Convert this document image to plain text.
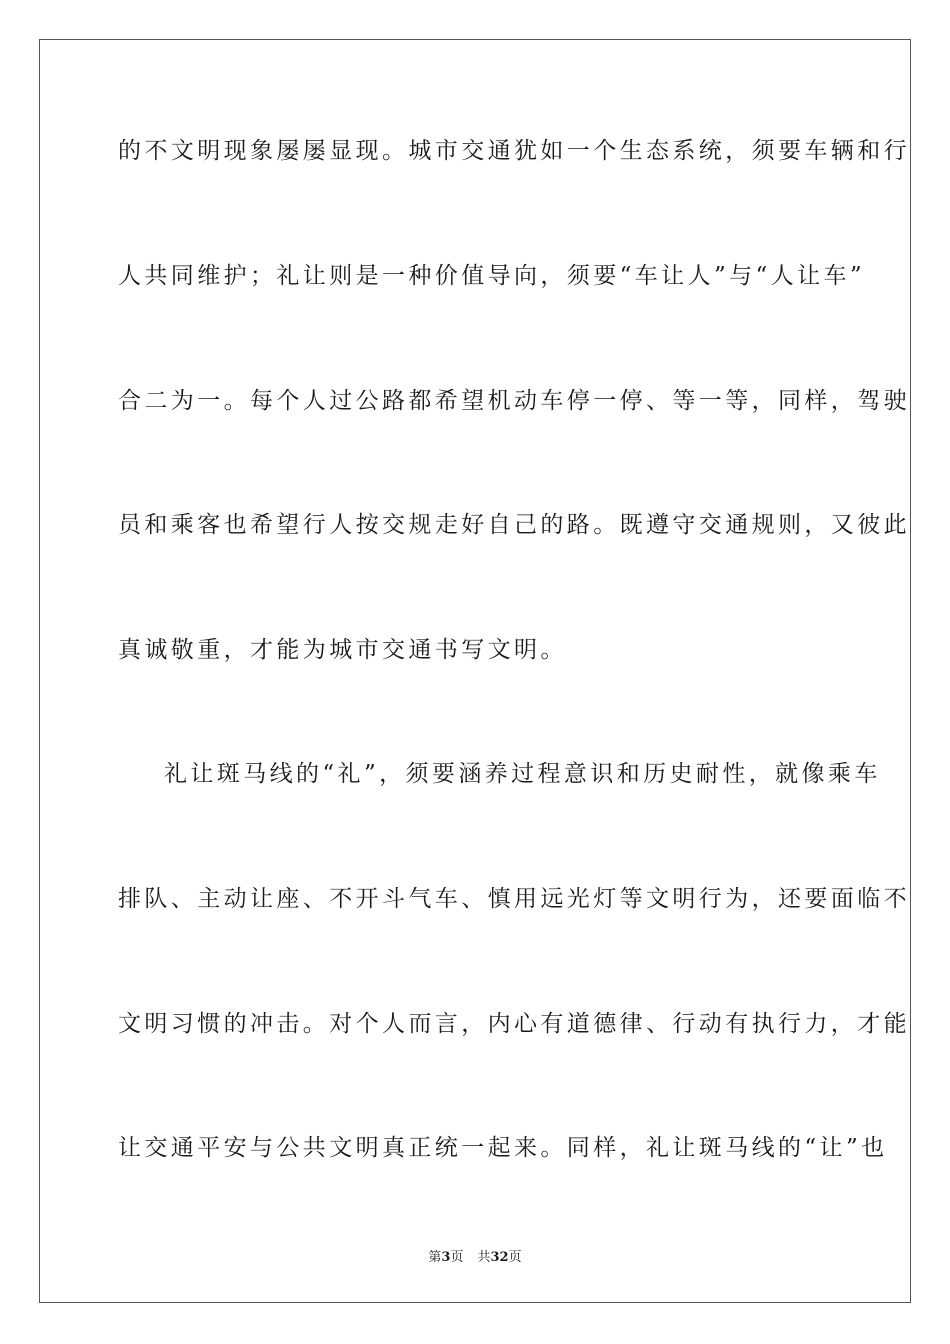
的不文明现象屡屡显现。城市交通犹如一个生态系统，须要车辆和行
人共同维护；礼让则是一种价值导向，须要“车让人”与“人让车”
合二为一。每个人过公路都希望机动车停一停、等一等，同样，驾驶
员和乘客也希望行人按交规走好自己的路。既遵守交通规则，又彼此
真诚敬重，才能为城市交通书写文明。
礼让斑马线的“礼”，须要涵养过程意识和历史耐性，就像乘车
排队、主动让座、不开斗气车、慎用远光灯等文明行为，还要面临不
文明习惯的冲击。对个人而言，内心有道德律、行动有执行力，才能
让交通平安与公共文明真正统一起来。同样，礼让斑马线的“让”也
第3页 共32页
